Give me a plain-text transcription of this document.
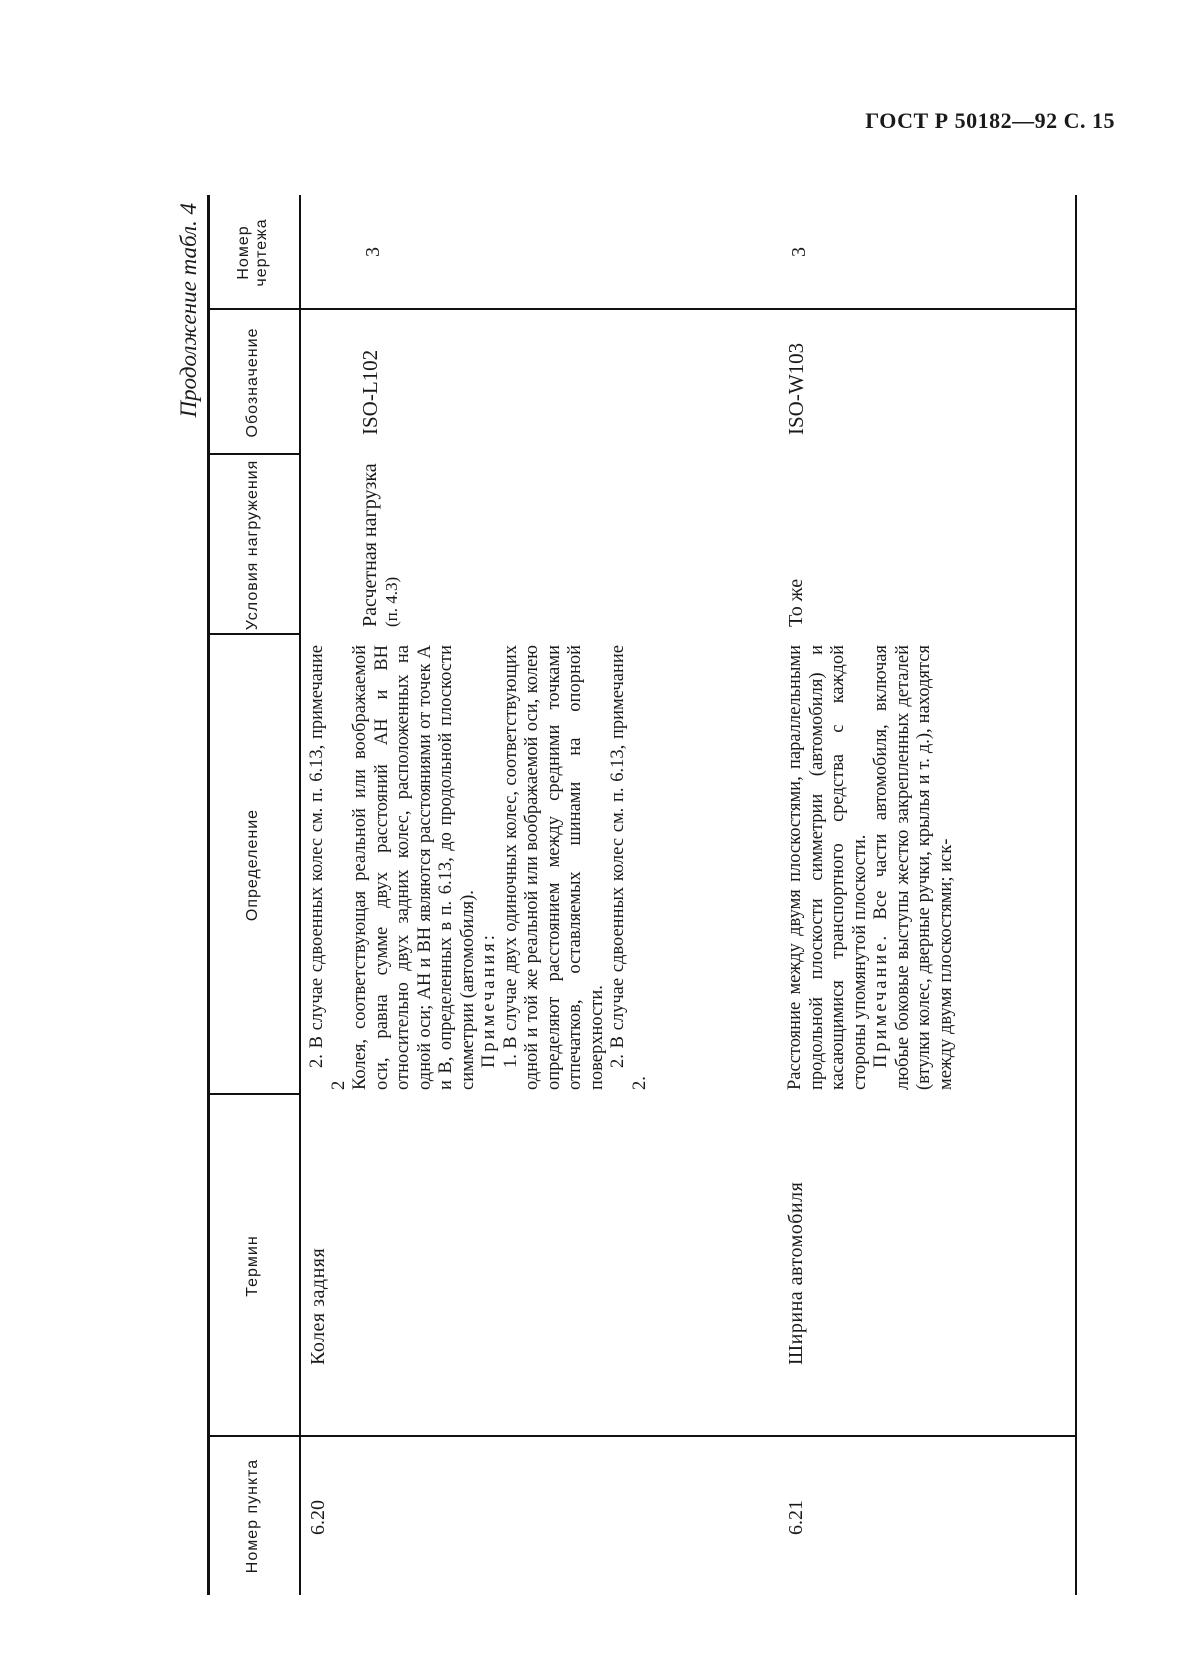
ГОСТ Р 50182—92 С. 15
Продолжение табл. 4
Номер пункта
Термин
Определение
Условия нагружения
Обозначение
Номер чертежа
6.20
Колея задняя

2. В случае сдвоенных колес см. п. 6.13, примечание 2 Колея, соответствующая реальной или воображаемой оси, равна сумме двух расстояний AH и BH относительно двух задних колес, расположенных на одной оси; AH и BH являются расстояниями от точек A и B, определенных в п. 6.13, до продольной плоскости симметрии (автомобиля). Примечания: 1. В случае двух одиночных колес, соответствующих одной и той же реальной или воображаемой оси, колею определяют расстоянием между средними точками отпечатков, оставляемых шинами на опорной поверхности. 2. В случае сдвоенных колес см. п. 6.13, примечание 2.

Расчетная нагрузка (п. 4.3)
ISO-L102
3
6.21
Ширина автомобиля

Расстояние между двумя плоскостями, параллельными продольной плоскости симметрии (автомобиля) и касающимися транспортного средства с каждой стороны упомянутой плоскости. Примечание. Все части автомобиля, включая любые боковые выступы жестко закрепленных деталей (втулки колес, дверные ручки, крылья и т. д.), находятся между двумя плоскостями; иск-

То же
ISO-W103
3
